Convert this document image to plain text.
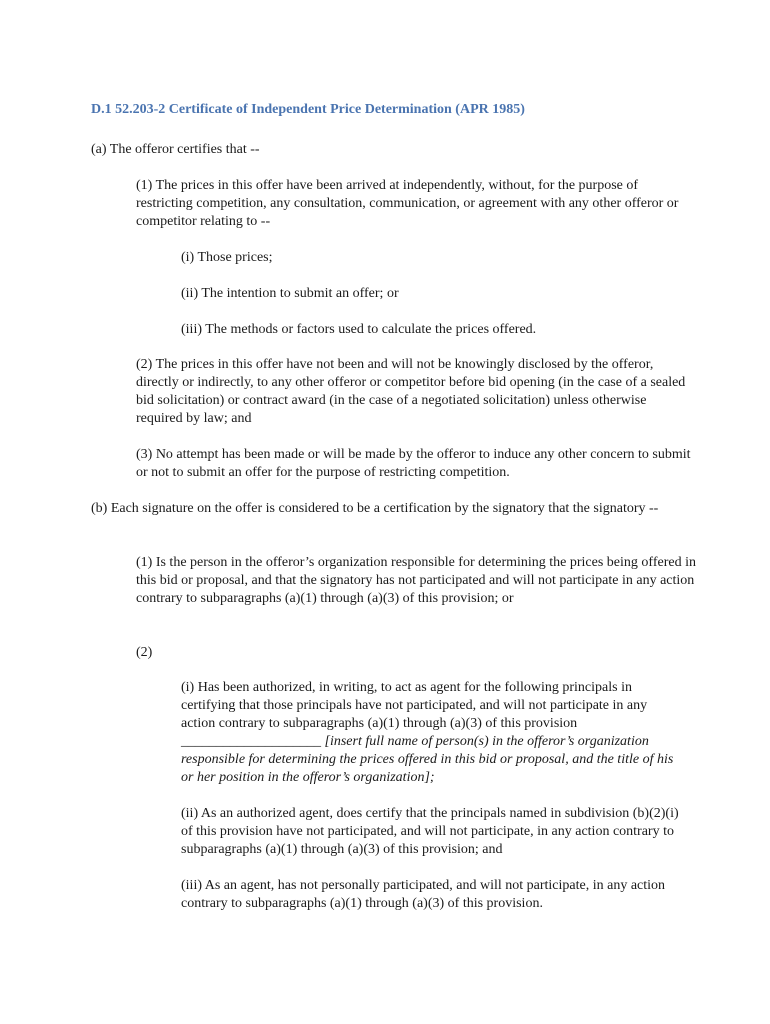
D.1 52.203-2 Certificate of Independent Price Determination (APR 1985)

(a) The offeror certifies that --

(1) The prices in this offer have been arrived at independently, without, for the purpose of restricting competition, any consultation, communication, or agreement with any other offeror or competitor relating to --

(i) Those prices;

(ii) The intention to submit an offer; or

(iii) The methods or factors used to calculate the prices offered.

(2) The prices in this offer have not been and will not be knowingly disclosed by the offeror, directly or indirectly, to any other offeror or competitor before bid opening (in the case of a sealed bid solicitation) or contract award (in the case of a negotiated solicitation) unless otherwise required by law; and

(3) No attempt has been made or will be made by the offeror to induce any other concern to submit or not to submit an offer for the purpose of restricting competition.

(b) Each signature on the offer is considered to be a certification by the signatory that the signatory --

(1) Is the person in the offeror’s organization responsible for determining the prices being offered in this bid or proposal, and that the signatory has not participated and will not participate in any action contrary to subparagraphs (a)(1) through (a)(3) of this provision; or

(2)

(i) Has been authorized, in writing, to act as agent for the following principals in certifying that those principals have not participated, and will not participate in any action contrary to subparagraphs (a)(1) through (a)(3) of this provision ____________________ [insert full name of person(s) in the offeror’s organization responsible for determining the prices offered in this bid or proposal, and the title of his or her position in the offeror’s organization];

(ii) As an authorized agent, does certify that the principals named in subdivision (b)(2)(i) of this provision have not participated, and will not participate, in any action contrary to subparagraphs (a)(1) through (a)(3) of this provision; and

(iii) As an agent, has not personally participated, and will not participate, in any action contrary to subparagraphs (a)(1) through (a)(3) of this provision.
